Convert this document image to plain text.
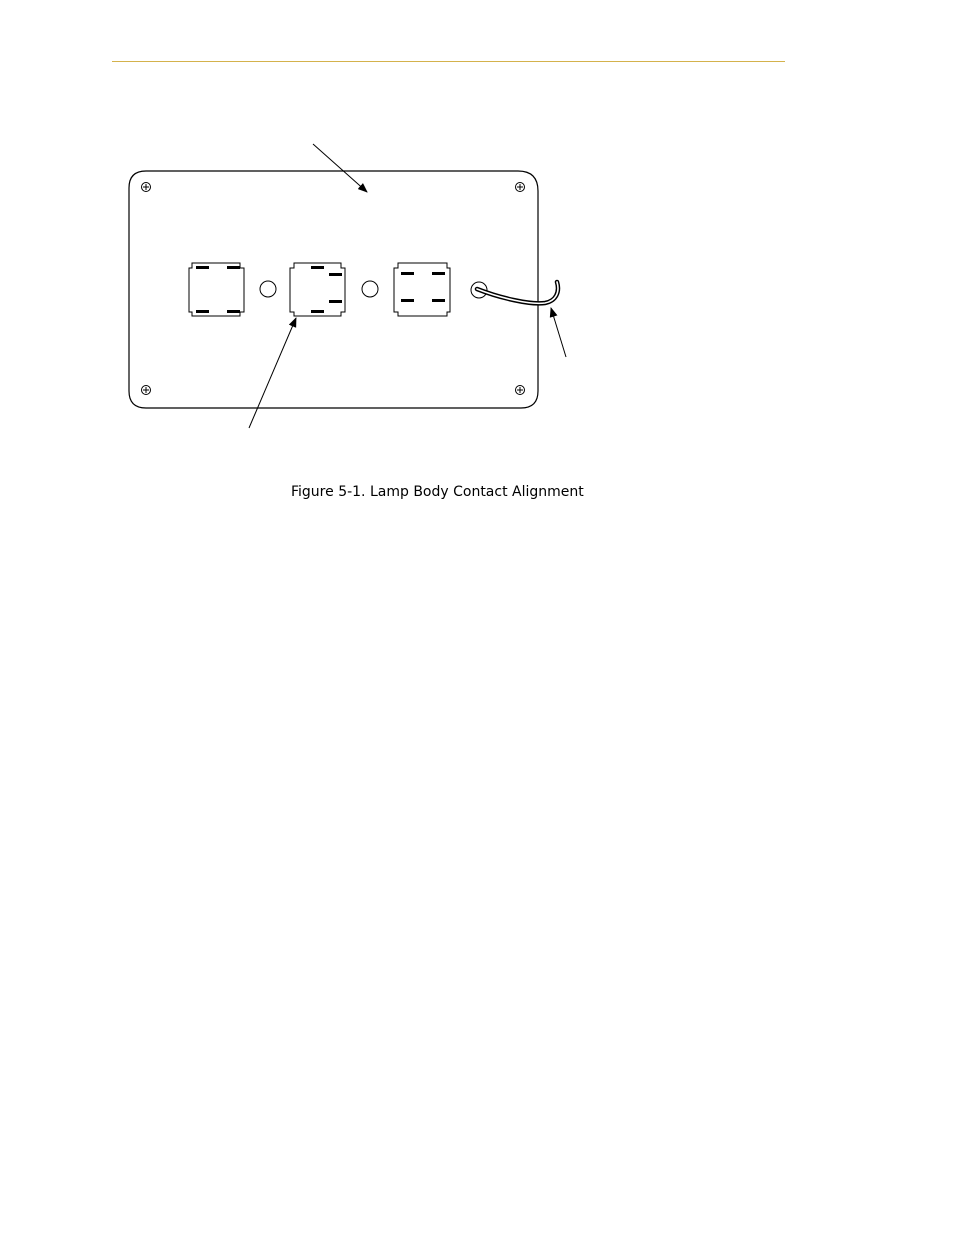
Figure 5-1. Lamp Body Contact Alignment
